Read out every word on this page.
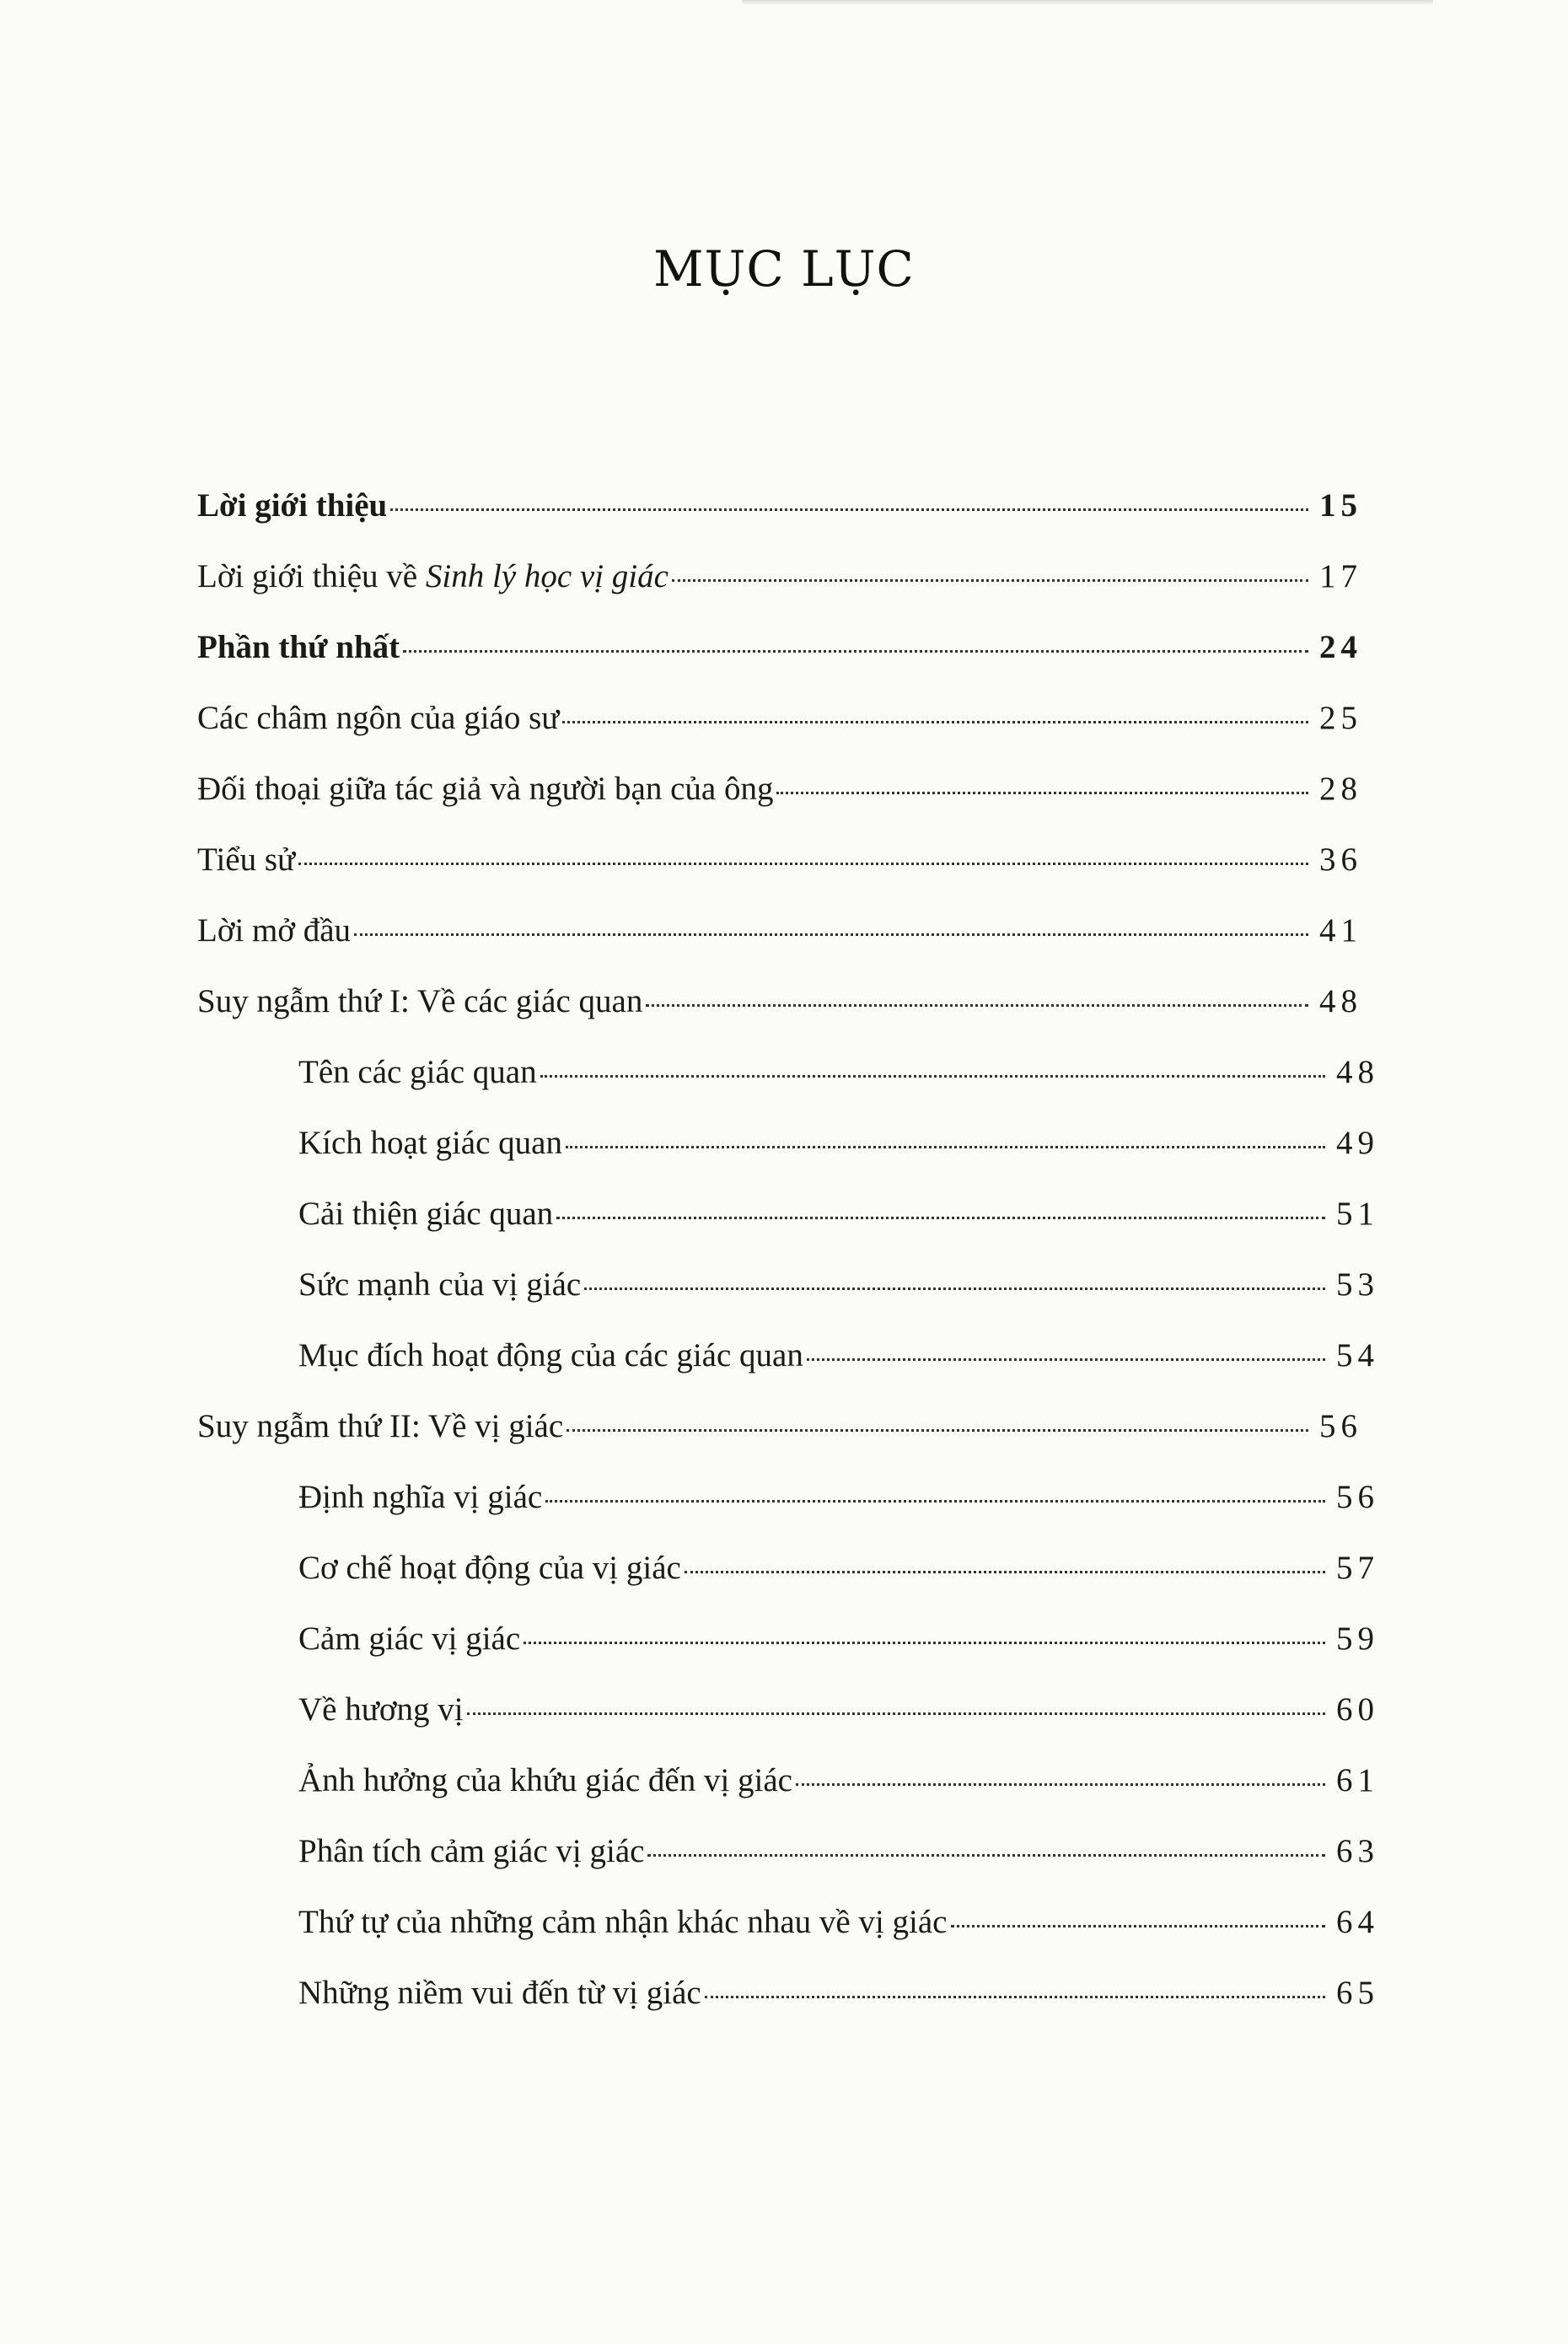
MỤC LỤC
Lời giới thiệu	15
Lời giới thiệu về Sinh lý học vị giác	17
Phần thứ nhất	24
Các châm ngôn của giáo sư	25
Đối thoại giữa tác giả và người bạn của ông	28
Tiểu sử	36
Lời mở đầu	41
Suy ngẫm thứ I: Về các giác quan	48
Tên các giác quan	48
Kích hoạt giác quan	49
Cải thiện giác quan	51
Sức mạnh của vị giác	53
Mục đích hoạt động của các giác quan	54
Suy ngẫm thứ II: Về vị giác	56
Định nghĩa vị giác	56
Cơ chế hoạt động của vị giác	57
Cảm giác vị giác	59
Về hương vị	60
Ảnh hưởng của khứu giác đến vị giác	61
Phân tích cảm giác vị giác	63
Thứ tự của những cảm nhận khác nhau về vị giác	64
Những niềm vui đến từ vị giác	65
